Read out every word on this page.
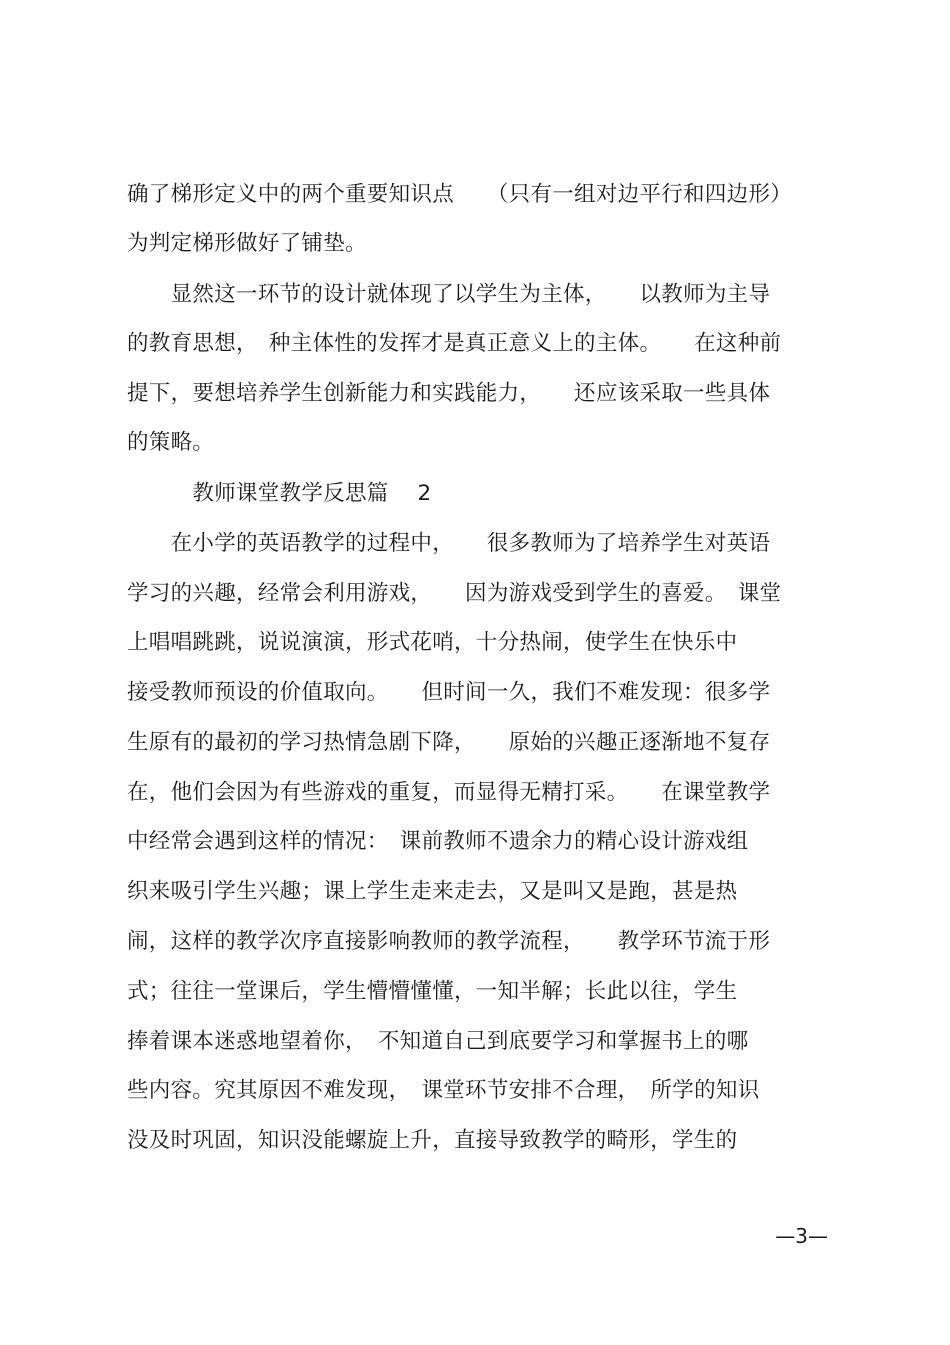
确了梯形定义中的两个重要知识点　　（只有一组对边平行和四边形）
为判定梯形做好了铺垫。
　　显然这一环节的设计就体现了以学生为主体，　　以教师为主导
的教育思想，　种主体性的发挥才是真正意义上的主体。　　在这种前
提下，要想培养学生创新能力和实践能力，　　还应该采取一些具体
的策略。
　　　教师课堂教学反思篇　 2
　　在小学的英语教学的过程中，　　很多教师为了培养学生对英语
学习的兴趣，经常会利用游戏，　　因为游戏受到学生的喜爱。　课堂
上唱唱跳跳，说说演演，形式花哨，十分热闹，使学生在快乐中
接受教师预设的价值取向。　　但时间一久，我们不难发现：很多学
生原有的最初的学习热情急剧下降，　　原始的兴趣正逐渐地不复存
在，他们会因为有些游戏的重复，而显得无精打采。　　在课堂教学
中经常会遇到这样的情况：　课前教师不遗余力的精心设计游戏组
织来吸引学生兴趣；课上学生走来走去，又是叫又是跑，甚是热
闹，这样的教学次序直接影响教师的教学流程，　　教学环节流于形
式；往往一堂课后，学生懵懵懂懂，一知半解；长此以往，学生
捧着课本迷惑地望着你，　不知道自己到底要学习和掌握书上的哪
些内容。究其原因不难发现，　课堂环节安排不合理，　所学的知识
没及时巩固，知识没能螺旋上升，直接导致教学的畸形，学生的
—3—
